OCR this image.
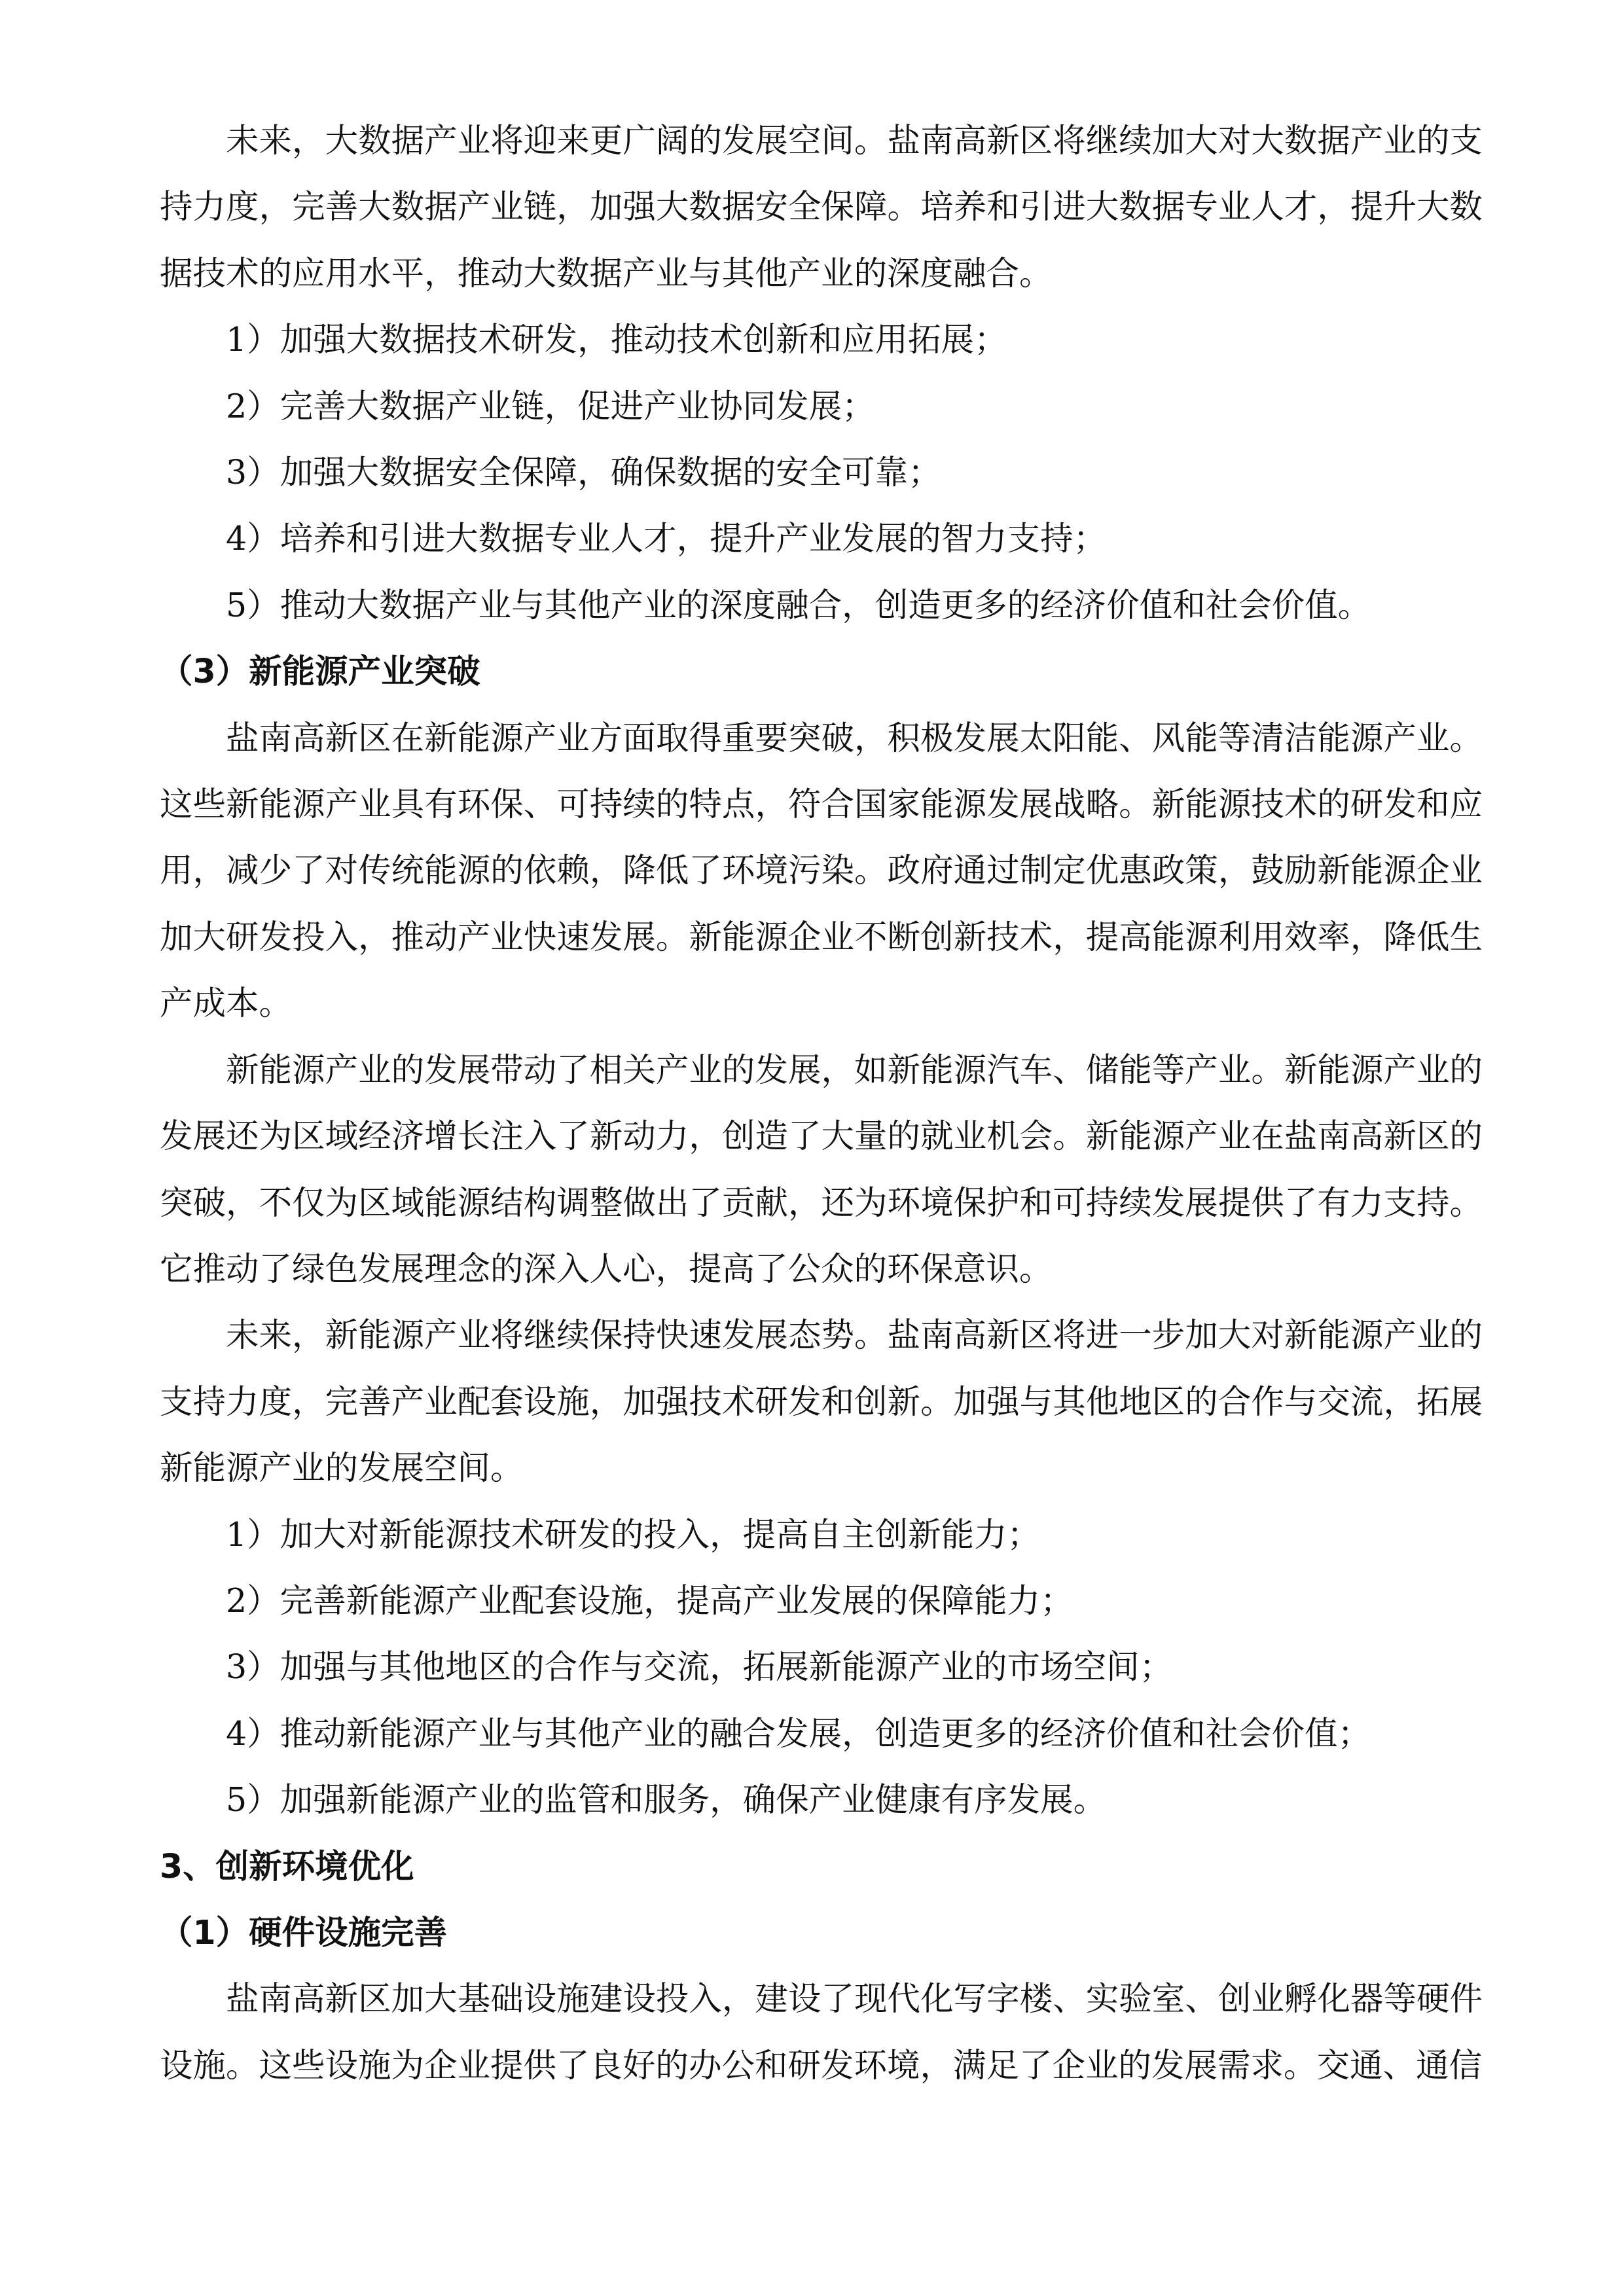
未来，大数据产业将迎来更广阔的发展空间。盐南高新区将继续加大对大数据产业的支持力度，完善大数据产业链，加强大数据安全保障。培养和引进大数据专业人才，提升大数据技术的应用水平，推动大数据产业与其他产业的深度融合。

1）加强大数据技术研发，推动技术创新和应用拓展；

2）完善大数据产业链，促进产业协同发展；

3）加强大数据安全保障，确保数据的安全可靠；

4）培养和引进大数据专业人才，提升产业发展的智力支持；

5）推动大数据产业与其他产业的深度融合，创造更多的经济价值和社会价值。

（3）新能源产业突破

盐南高新区在新能源产业方面取得重要突破，积极发展太阳能、风能等清洁能源产业。这些新能源产业具有环保、可持续的特点，符合国家能源发展战略。新能源技术的研发和应用，减少了对传统能源的依赖，降低了环境污染。政府通过制定优惠政策，鼓励新能源企业加大研发投入，推动产业快速发展。新能源企业不断创新技术，提高能源利用效率，降低生产成本。

新能源产业的发展带动了相关产业的发展，如新能源汽车、储能等产业。新能源产业的发展还为区域经济增长注入了新动力，创造了大量的就业机会。新能源产业在盐南高新区的突破，不仅为区域能源结构调整做出了贡献，还为环境保护和可持续发展提供了有力支持。它推动了绿色发展理念的深入人心，提高了公众的环保意识。

未来，新能源产业将继续保持快速发展态势。盐南高新区将进一步加大对新能源产业的支持力度，完善产业配套设施，加强技术研发和创新。加强与其他地区的合作与交流，拓展新能源产业的发展空间。

1）加大对新能源技术研发的投入，提高自主创新能力；

2）完善新能源产业配套设施，提高产业发展的保障能力；

3）加强与其他地区的合作与交流，拓展新能源产业的市场空间；

4）推动新能源产业与其他产业的融合发展，创造更多的经济价值和社会价值；

5）加强新能源产业的监管和服务，确保产业健康有序发展。

3、创新环境优化

（1）硬件设施完善

盐南高新区加大基础设施建设投入，建设了现代化写字楼、实验室、创业孵化器等硬件设施。这些设施为企业提供了良好的办公和研发环境，满足了企业的发展需求。交通、通信
